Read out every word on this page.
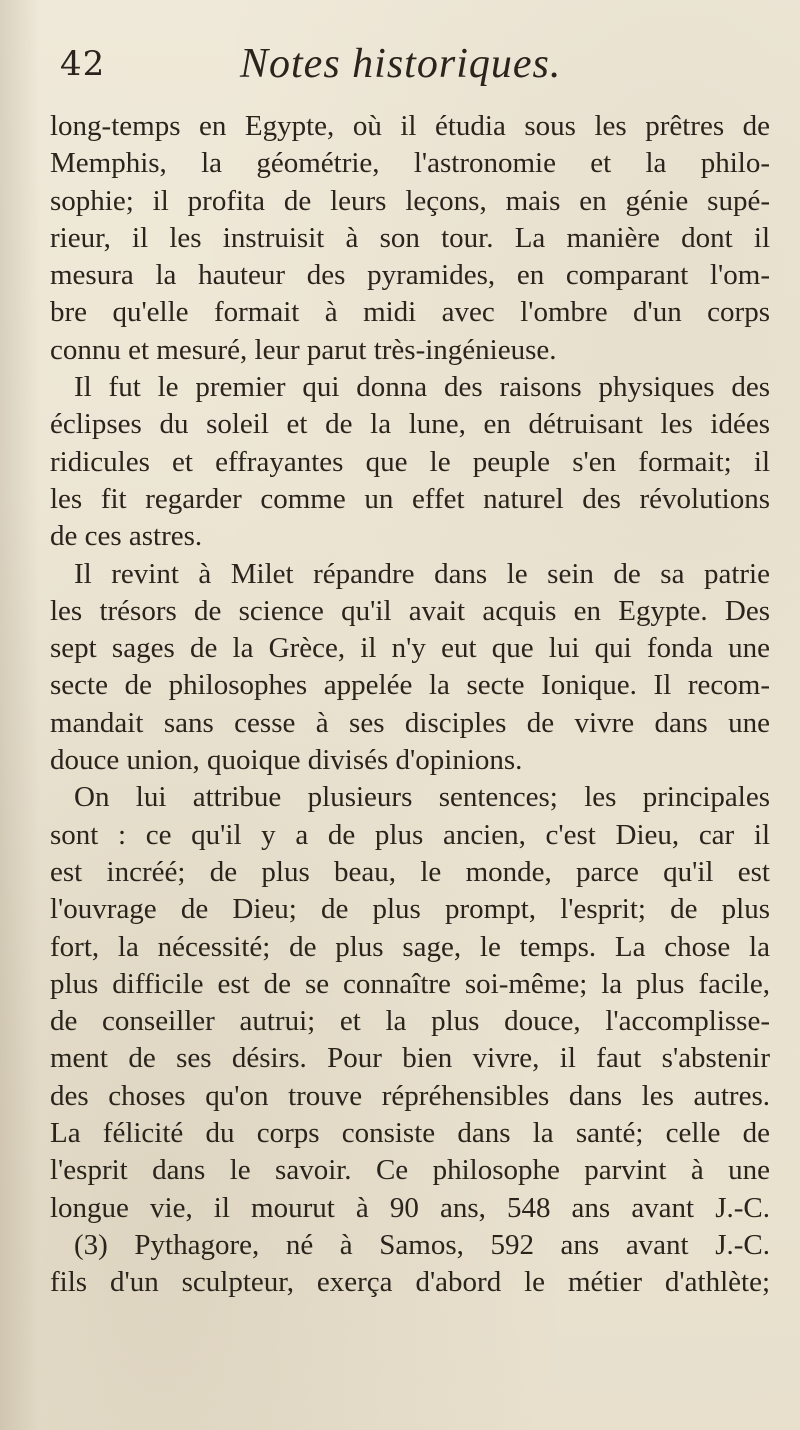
42	Notes historiques.
long-temps en Egypte, où il étudia sous les prêtres de
Memphis, la géométrie, l'astronomie et la philo-
sophie; il profita de leurs leçons, mais en génie supé-
rieur, il les instruisit à son tour. La manière dont il
mesura la hauteur des pyramides, en comparant l'om-
bre qu'elle formait à midi avec l'ombre d'un corps
connu et mesuré, leur parut très-ingénieuse.
Il fut le premier qui donna des raisons physiques des
éclipses du soleil et de la lune, en détruisant les idées
ridicules et effrayantes que le peuple s'en formait; il
les fit regarder comme un effet naturel des révolutions
de ces astres.
Il revint à Milet répandre dans le sein de sa patrie
les trésors de science qu'il avait acquis en Egypte. Des
sept sages de la Grèce, il n'y eut que lui qui fonda une
secte de philosophes appelée la secte Ionique. Il recom-
mandait sans cesse à ses disciples de vivre dans une
douce union, quoique divisés d'opinions.
On lui attribue plusieurs sentences; les principales
sont : ce qu'il y a de plus ancien, c'est Dieu, car il
est incréé; de plus beau, le monde, parce qu'il est
l'ouvrage de Dieu; de plus prompt, l'esprit; de plus
fort, la nécessité; de plus sage, le temps. La chose la
plus difficile est de se connaître soi-même; la plus facile,
de conseiller autrui; et la plus douce, l'accomplisse-
ment de ses désirs. Pour bien vivre, il faut s'abstenir
des choses qu'on trouve répréhensibles dans les autres.
La félicité du corps consiste dans la santé; celle de
l'esprit dans le savoir. Ce philosophe parvint à une
longue vie, il mourut à 90 ans, 548 ans avant J.-C.
(3) Pythagore, né à Samos, 592 ans avant J.-C.
fils d'un sculpteur, exerça d'abord le métier d'athlète;
